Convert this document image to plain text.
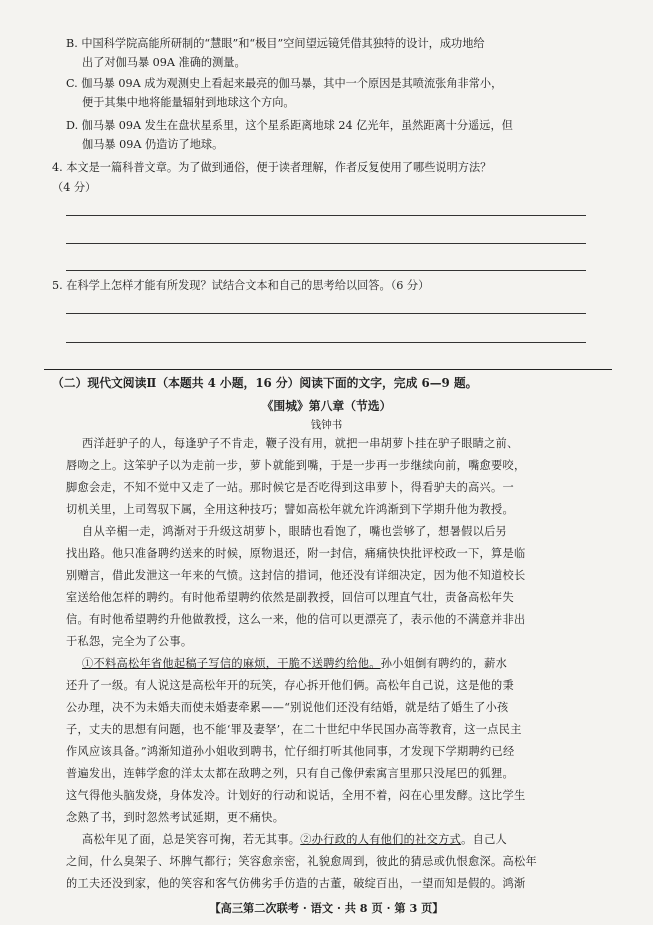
B. 中国科学院高能所研制的“慧眼”和“极目”空间望远镜凭借其独特的设计，成功地给
出了对伽马暴 09A 准确的测量。
C. 伽马暴 09A 成为观测史上看起来最亮的伽马暴，其中一个原因是其喷流张角非常小，
便于其集中地将能量辐射到地球这个方向。
D. 伽马暴 09A 发生在盘状星系里，这个星系距离地球 24 亿光年，虽然距离十分遥远，但
伽马暴 09A 仍造访了地球。
4. 本文是一篇科普文章。为了做到通俗，便于读者理解，作者反复使用了哪些说明方法？
（4 分）
5. 在科学上怎样才能有所发现？试结合文本和自己的思考给以回答。（6 分）
（二）现代文阅读Ⅱ（本题共 4 小题，16 分）阅读下面的文字，完成 6—9 题。
《围城》第八章（节选）
钱钟书
西洋赶驴子的人，每逢驴子不肯走，鞭子没有用，就把一串胡萝卜挂在驴子眼睛之前、
唇吻之上。这笨驴子以为走前一步，萝卜就能到嘴，于是一步再一步继续向前，嘴愈要咬，
脚愈会走，不知不觉中又走了一站。那时候它是否吃得到这串萝卜，得看驴夫的高兴。一
切机关里，上司驾驭下属，全用这种技巧；譬如高松年就允许鸿渐到下学期升他为教授。
自从辛楣一走，鸿渐对于升级这胡萝卜，眼睛也看饱了，嘴也尝够了，想暑假以后另
找出路。他只准备聘约送来的时候，原物退还，附一封信，痛痛快快批评校政一下，算是临
别赠言，借此发泄这一年来的气愤。这封信的措词，他还没有详细决定，因为他不知道校长
室送给他怎样的聘约。有时他希望聘约依然是副教授，回信可以理直气壮，责备高松年失
信。有时他希望聘约升他做教授，这么一来，他的信可以更漂亮了，表示他的不满意并非出
于私怨，完全为了公事。
①不料高松年省他起稿子写信的麻烦，干脆不送聘约给他。孙小姐倒有聘约的，薪水
还升了一级。有人说这是高松年开的玩笑，存心拆开他们俩。高松年自己说，这是他的秉
公办理，决不为未婚夫而使未婚妻牵累——“别说他们还没有结婚，就是结了婚生了小孩
子，丈夫的思想有问题，也不能‘罪及妻孥’，在二十世纪中华民国办高等教育，这一点民主
作风应该具备。”鸿渐知道孙小姐收到聘书，忙仔细打听其他同事，才发现下学期聘约已经
普遍发出，连韩学愈的洋太太都在敌聘之列，只有自己像伊索寓言里那只没尾巴的狐狸。
这气得他头脑发烧，身体发冷。计划好的行动和说话，全用不着，闷在心里发酵。这比学生
念熟了书，到时忽然考试延期，更不痛快。
高松年见了面，总是笑容可掬，若无其事。②办行政的人有他们的社交方式。自己人
之间，什么臭架子、坏脾气都行；笑容愈亲密，礼貌愈周到，彼此的猜忌或仇恨愈深。高松年
的工夫还没到家，他的笑容和客气仿佛劣手仿造的古董，破绽百出，一望而知是假的。鸿渐
【高三第二次联考 · 语文 · 共 8 页 · 第 3 页】
